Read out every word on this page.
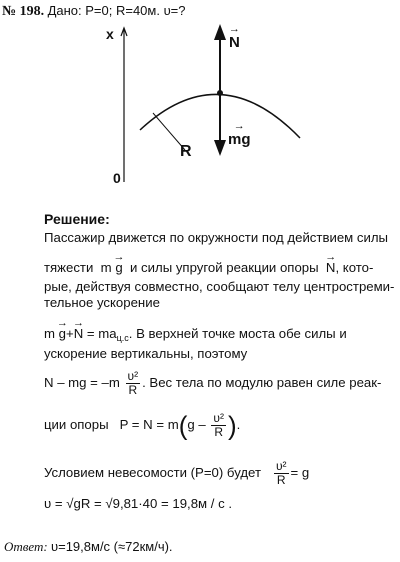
№ 198. Дано: P=0; R=40м. υ=?
x
0
→ N
→ mg
R
Решение:
Пассажир движется по окружности под действием силы
тяжести m → g и силы упругой реакции опоры → N, кото-
рые, действуя совместно, сообщают телу центростреми-
тельное ускорение
$m \to g+\to N = ma_{ц.с}$. В верхней точке моста обе силы и
ускорение вертикальны, поэтому
N – mg = $-m \frac{\text{υ²}}{R}$ . Вес тела по модулю равен силе реак-
ции опоры $P = N = m(g - \frac{\text{υ²}}{R}$ ).
Условием невесомости (P=0) будет $\frac{\text{υ²}}{R} = g$
υ = √gR = √9,81·40 = 19,8м / с .
Ответ: υ=19,8м/с (≈72км/ч).
